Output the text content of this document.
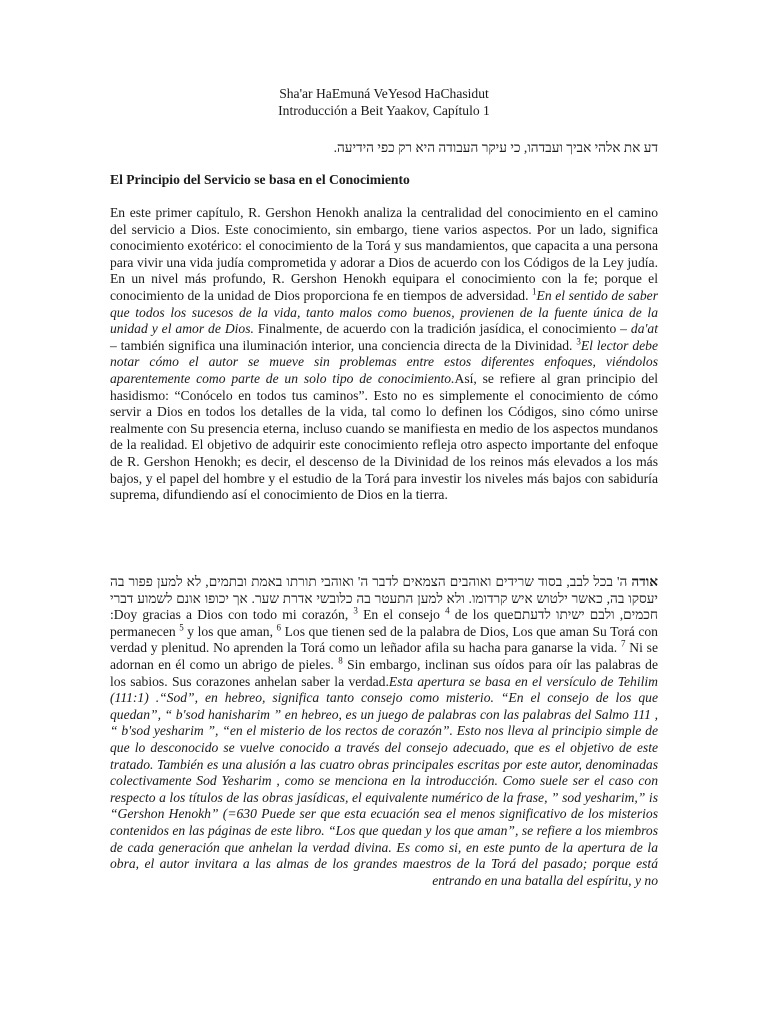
Sha'ar HaEmuná VeYesod HaChasidut
Introducción a Beit Yaakov, Capítulo 1
דע את אלהי אביך ועבדהו, כי עיקר העבודה היא רק כפי הידיעה.
El Principio del Servicio se basa en el Conocimiento
En este primer capítulo, R. Gershon Henokh analiza la centralidad del conocimiento en el camino del servicio a Dios. Este conocimiento, sin embargo, tiene varios aspectos. Por un lado, significa conocimiento exotérico: el conocimiento de la Torá y sus mandamientos, que capacita a una persona para vivir una vida judía comprometida y adorar a Dios de acuerdo con los Códigos de la Ley judía. En un nivel más profundo, R. Gershon Henokh equipara el conocimiento con la fe; porque el conocimiento de la unidad de Dios proporciona fe en tiempos de adversidad. $^1$En el sentido de saber que todos los sucesos de la vida, tanto malos como buenos, provienen de la fuente única de la unidad y el amor de Dios. Finalmente, de acuerdo con la tradición jasídica, el conocimiento – da'at – también significa una iluminación interior, una conciencia directa de la Divinidad. $^3$El lector debe notar cómo el autor se mueve sin problemas entre estos diferentes enfoques, viéndolos aparentemente como parte de un solo tipo de conocimiento.Así, se refiere al gran principio del hasidismo: “Conócelo en todos tus caminos”. Esto no es simplemente el conocimiento de cómo servir a Dios en todos los detalles de la vida, tal como lo definen los Códigos, sino cómo unirse realmente con Su presencia eterna, incluso cuando se manifiesta en medio de los aspectos mundanos de la realidad. El objetivo de adquirir este conocimiento refleja otro aspecto importante del enfoque de R. Gershon Henokh; es decir, el descenso de la Divinidad de los reinos más elevados a los más bajos, y el papel del hombre y el estudio de la Torá para investir los niveles más bajos con sabiduría suprema, difundiendo así el conocimiento de Dios en la tierra.
אודה ה' בכל לבב, בסוד שרידים ואוהבים הצמאים לדבר ה' ואוהבי תורתו באמת ובתמים, לא למען פפור בה יעסקו בה, כאשר ילטוש איש קרדומו. ולא למען התעטר בה כלובשי אדרת שער. אך יכופו אונם לשמוע דברי חכמים, ולבם ישיתו לדעתם:Doy gracias a Dios con todo mi corazón, $^3$ En el consejo $^4$ de los que permanecen $^5$ y los que aman, $^6$ Los que tienen sed de la palabra de Dios, Los que aman Su Torá con verdad y plenitud. No aprenden la Torá como un leñador afila su hacha para ganarse la vida. $^7$ Ni se adornan en él como un abrigo de pieles. $^8$ Sin embargo, inclinan sus oídos para oír las palabras de los sabios. Sus corazones anhelan saber la verdad.Esta apertura se basa en el versículo de Tehilim (111:1) .“Sod”, en hebreo, significa tanto consejo como misterio. “En el consejo de los que quedan”, “ b'sod hanisharim ” en hebreo, es un juego de palabras con las palabras del Salmo 111 , “ b'sod yesharim ”, “en el misterio de los rectos de corazón”. Esto nos lleva al principio simple de que lo desconocido se vuelve conocido a través del consejo adecuado, que es el objetivo de este tratado. También es una alusión a las cuatro obras principales escritas por este autor, denominadas colectivamente Sod Yesharim , como se menciona en la introducción. Como suele ser el caso con respecto a los títulos de las obras jasídicas, el equivalente numérico de la frase, ” sod yesharim,” is “Gershon Henokh” (=630 Puede ser que esta ecuación sea el menos significativo de los misterios contenidos en las páginas de este libro. “Los que quedan y los que aman”, se refiere a los miembros de cada generación que anhelan la verdad divina. Es como si, en este punto de la apertura de la obra, el autor invitara a las almas de los grandes maestros de la Torá del pasado; porque está entrando en una batalla del espíritu, y no
